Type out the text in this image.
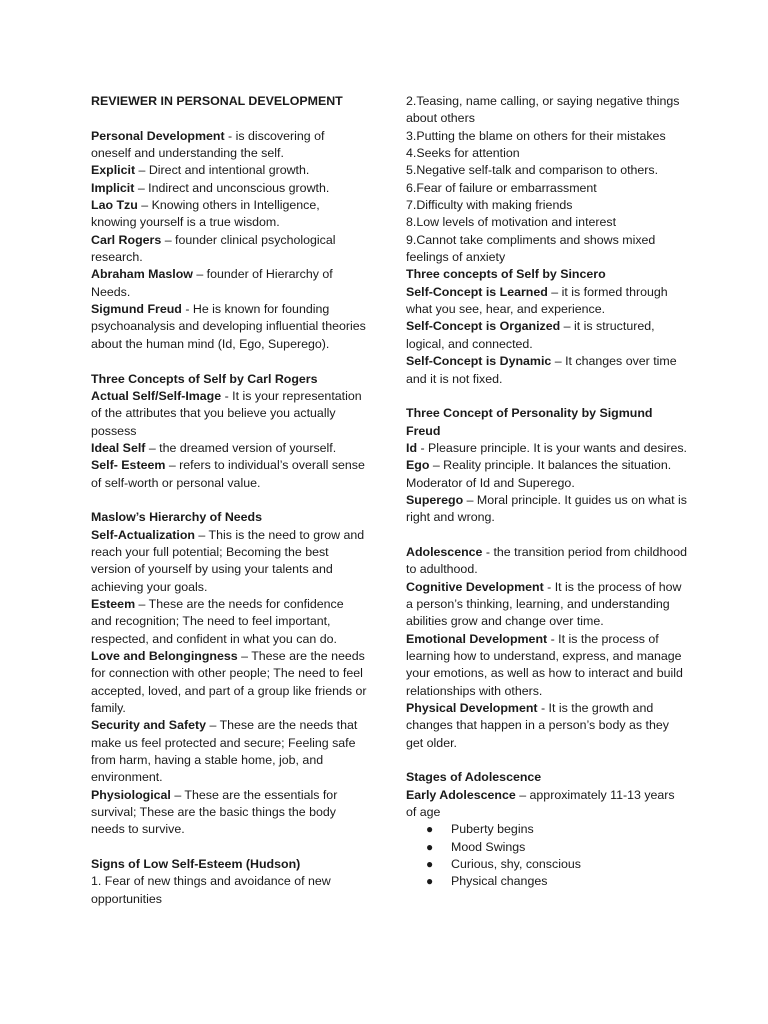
REVIEWER IN PERSONAL DEVELOPMENT

Personal Development - is discovering of oneself and understanding the self.

Explicit – Direct and intentional growth.

Implicit – Indirect and unconscious growth.

Lao Tzu – Knowing others in Intelligence, knowing yourself is a true wisdom.

Carl Rogers – founder clinical psychological research.

Abraham Maslow – founder of Hierarchy of Needs.

Sigmund Freud - He is known for founding psychoanalysis and developing influential theories about the human mind (Id, Ego, Superego).

Three Concepts of Self by Carl Rogers

Actual Self/Self-Image - It is your representation of the attributes that you believe you actually possess

Ideal Self – the dreamed version of yourself.

Self- Esteem – refers to individual’s overall sense of self-worth or personal value.

Maslow’s Hierarchy of Needs

Self-Actualization – This is the need to grow and reach your full potential; Becoming the best version of yourself by using your talents and achieving your goals.

Esteem – These are the needs for confidence and recognition; The need to feel important, respected, and confident in what you can do.

Love and Belongingness – These are the needs for connection with other people; The need to feel accepted, loved, and part of a group like friends or family.

Security and Safety – These are the needs that make us feel protected and secure; Feeling safe from harm, having a stable home, job, and environment.

Physiological – These are the essentials for survival; These are the basic things the body needs to survive.

Signs of Low Self-Esteem (Hudson)

1. Fear of new things and avoidance of new opportunities

2.Teasing, name calling, or saying negative things about others

3.Putting the blame on others for their mistakes

4.Seeks for attention

5.Negative self-talk and comparison to others.

6.Fear of failure or embarrassment

7.Difficulty with making friends

8.Low levels of motivation and interest

9.Cannot take compliments and shows mixed feelings of anxiety

Three concepts of Self by Sincero

Self-Concept is Learned – it is formed through what you see, hear, and experience.

Self-Concept is Organized – it is structured, logical, and connected.

Self-Concept is Dynamic – It changes over time and it is not fixed.

Three Concept of Personality by Sigmund Freud

Id - Pleasure principle. It is your wants and desires.

Ego – Reality principle. It balances the situation. Moderator of Id and Superego.

Superego – Moral principle. It guides us on what is right and wrong.

Adolescence - the transition period from childhood to adulthood.

Cognitive Development - It is the process of how a person’s thinking, learning, and understanding abilities grow and change over time.

Emotional Development - It is the process of learning how to understand, express, and manage your emotions, as well as how to interact and build relationships with others.

Physical Development - It is the growth and changes that happen in a person’s body as they get older.

Stages of Adolescence

Early Adolescence – approximately 11-13 years of age

● Puberty begins
● Mood Swings
● Curious, shy, conscious
● Physical changes
